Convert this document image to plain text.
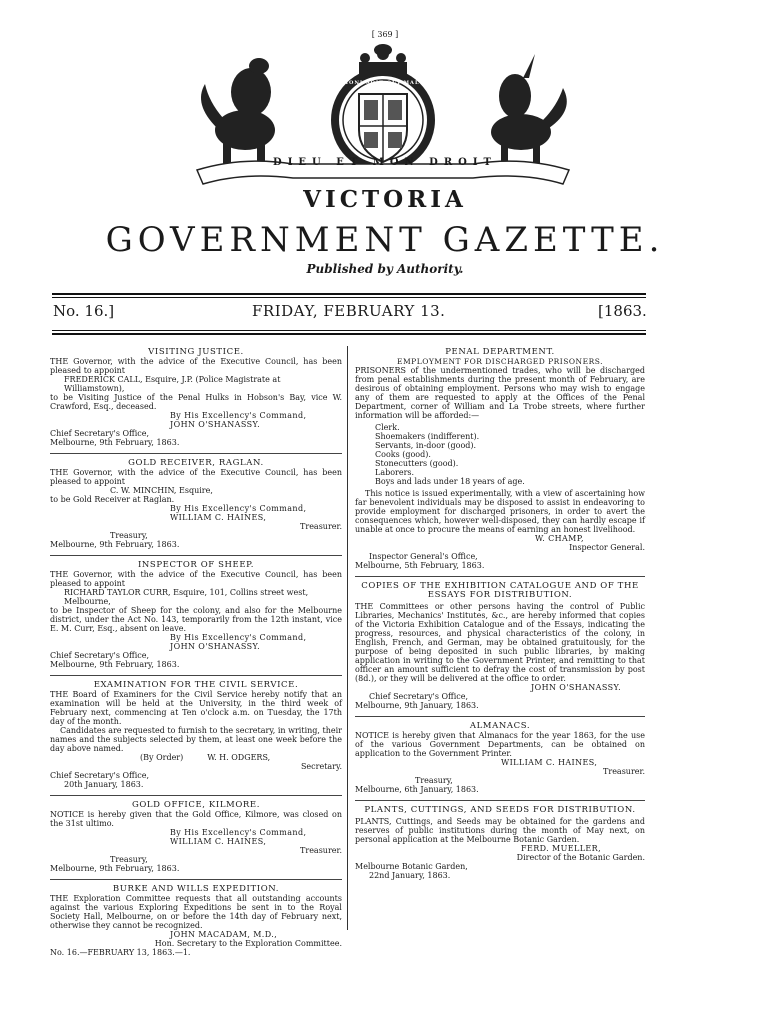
[ 369 ]
DIEU ET MON DROIT
HONI SOIT QUI MAL Y PENSE
VICTORIA
GOVERNMENT GAZETTE.
Published by Authority.
No. 16.]	FRIDAY, FEBRUARY 13.	[1863.
VISITING JUSTICE.
THE Governor, with the advice of the Executive Council, has been pleased to appoint
FREDERICK CALL, Esquire, J.P. (Police Magistrate at Williamstown),
to be Visiting Justice of the Penal Hulks in Hobson's Bay, vice W. Crawford, Esq., deceased.
By His Excellency's Command,
JOHN O'SHANASSY.
Chief Secretary's Office,
Melbourne, 9th February, 1863.
GOLD RECEIVER, RAGLAN.
THE Governor, with the advice of the Executive Council, has been pleased to appoint
C. W. MINCHIN, Esquire,
to be Gold Receiver at Raglan.
By His Excellency's Command,
WILLIAM C. HAINES,
Treasurer.
Treasury,
Melbourne, 9th February, 1863.
INSPECTOR OF SHEEP.
THE Governor, with the advice of the Executive Council, has been pleased to appoint
RICHARD TAYLOR CURR, Esquire, 101, Collins street west, Melbourne,
to be Inspector of Sheep for the colony, and also for the Melbourne district, under the Act No. 143, temporarily from the 12th instant, vice E. M. Curr, Esq., absent on leave.
By His Excellency's Command,
JOHN O'SHANASSY.
Chief Secretary's Office,
Melbourne, 9th February, 1863.
EXAMINATION FOR THE CIVIL SERVICE.
THE Board of Examiners for the Civil Service hereby notify that an examination will be held at the University, in the third week of February next, commencing at Ten o'clock a.m. on Tuesday, the 17th day of the month.
Candidates are requested to furnish to the secretary, in writing, their names and the subjects selected by them, at least one week before the day above named.
(By Order)	W. H. ODGERS,
Secretary.
Chief Secretary's Office,
20th January, 1863.
GOLD OFFICE, KILMORE.
NOTICE is hereby given that the Gold Office, Kilmore, was closed on the 31st ultimo.
By His Excellency's Command,
WILLIAM C. HAINES,
Treasurer.
Treasury,
Melbourne, 9th February, 1863.
BURKE AND WILLS EXPEDITION.
THE Exploration Committee requests that all outstanding accounts against the various Exploring Expeditions be sent in to the Royal Society Hall, Melbourne, on or before the 14th day of February next, otherwise they cannot be recognized.
JOHN MACADAM, M.D.,
Hon. Secretary to the Exploration Committee.
No. 16.—FEBRUARY 13, 1863.—1.
PENAL DEPARTMENT.
EMPLOYMENT FOR DISCHARGED PRISONERS.
PRISONERS of the undermentioned trades, who will be discharged from penal establishments during the present month of February, are desirous of obtaining employment. Persons who may wish to engage any of them are requested to apply at the Offices of the Penal Department, corner of William and La Trobe streets, where further information will be afforded:—
Clerk.
Shoemakers (indifferent).
Servants, in-door (good).
Cooks (good).
Stonecutters (good).
Laborers.
Boys and lads under 18 years of age.
This notice is issued experimentally, with a view of ascertaining how far benevolent individuals may be disposed to assist in endeavoring to provide employment for discharged prisoners, in order to avert the consequences which, however well-disposed, they can hardly escape if unable at once to procure the means of earning an honest livelihood.
W. CHAMP,
Inspector General.
Inspector General's Office,
Melbourne, 5th February, 1863.
COPIES OF THE EXHIBITION CATALOGUE AND OF THE ESSAYS FOR DISTRIBUTION.
THE Committees or other persons having the control of Public Libraries, Mechanics' Institutes, &c., are hereby informed that copies of the Victoria Exhibition Catalogue and of the Essays, indicating the progress, resources, and physical characteristics of the colony, in English, French, and German, may be obtained gratuitously, for the purpose of being deposited in such public libraries, by making application in writing to the Government Printer, and remitting to that officer an amount sufficient to defray the cost of transmission by post (8d.), or they will be delivered at the office to order.
JOHN O'SHANASSY.
Chief Secretary's Office,
Melbourne, 9th January, 1863.
ALMANACS.
NOTICE is hereby given that Almanacs for the year 1863, for the use of the various Government Departments, can be obtained on application to the Government Printer.
WILLIAM C. HAINES,
Treasurer.
Treasury,
Melbourne, 6th January, 1863.
PLANTS, CUTTINGS, AND SEEDS FOR DISTRIBUTION.
PLANTS, Cuttings, and Seeds may be obtained for the gardens and reserves of public institutions during the month of May next, on personal application at the Melbourne Botanic Garden.
FERD. MUELLER,
Director of the Botanic Garden.
Melbourne Botanic Garden,
22nd January, 1863.
